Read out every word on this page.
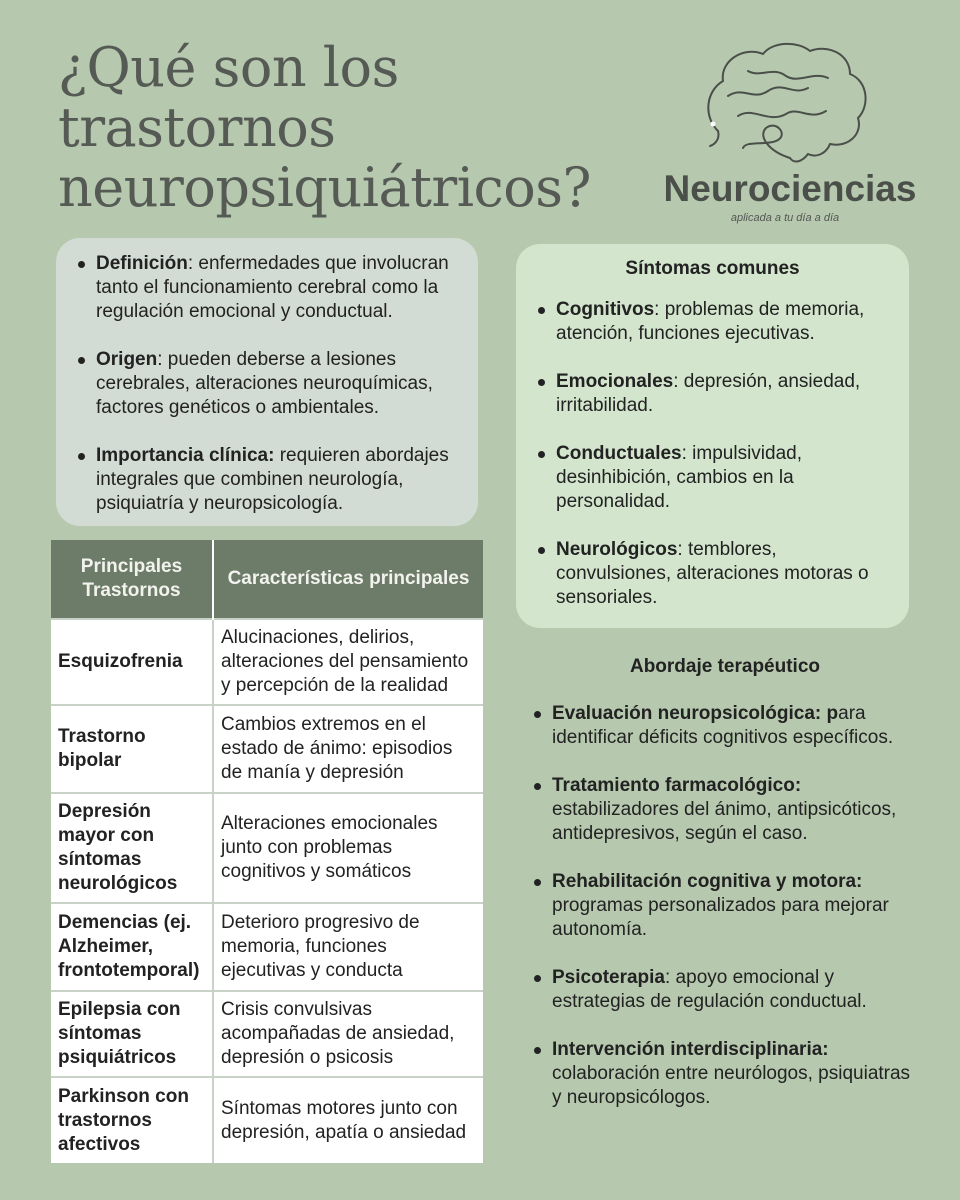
¿Qué son los
trastornos
neuropsiquiátricos?	Neurociencias
aplicada a tu día a día
Definición: enfermedades que involucran tanto el funcionamiento cerebral como la regulación emocional y conductual.
Origen: pueden deberse a lesiones cerebrales, alteraciones neuroquímicas, factores genéticos o ambientales.
Importancia clínica: requieren abordajes integrales que combinen neurología, psiquiatría y neuropsicología.
Síntomas comunes
Cognitivos: problemas de memoria, atención, funciones ejecutivas.
Emocionales: depresión, ansiedad, irritabilidad.
Conductuales: impulsividad, desinhibición, cambios en la personalidad.
Neurológicos: temblores, convulsiones, alteraciones motoras o sensoriales.
Principales Trastornos	Características principales
Esquizofrenia	Alucinaciones, delirios, alteraciones del pensamiento y percepción de la realidad
Trastorno bipolar	Cambios extremos en el estado de ánimo: episodios de manía y depresión
Depresión mayor con síntomas neurológicos	Alteraciones emocionales junto con problemas cognitivos y somáticos
Demencias (ej. Alzheimer, frontotemporal)	Deterioro progresivo de memoria, funciones ejecutivas y conducta
Epilepsia con síntomas psiquiátricos	Crisis convulsivas acompañadas de ansiedad, depresión o psicosis
Parkinson con trastornos afectivos	Síntomas motores junto con depresión, apatía o ansiedad
Abordaje terapéutico
Evaluación neuropsicológica: para identificar déficits cognitivos específicos.
Tratamiento farmacológico: estabilizadores del ánimo, antipsicóticos, antidepresivos, según el caso.
Rehabilitación cognitiva y motora: programas personalizados para mejorar autonomía.
Psicoterapia: apoyo emocional y estrategias de regulación conductual.
Intervención interdisciplinaria: colaboración entre neurólogos, psiquiatras y neuropsicólogos.
